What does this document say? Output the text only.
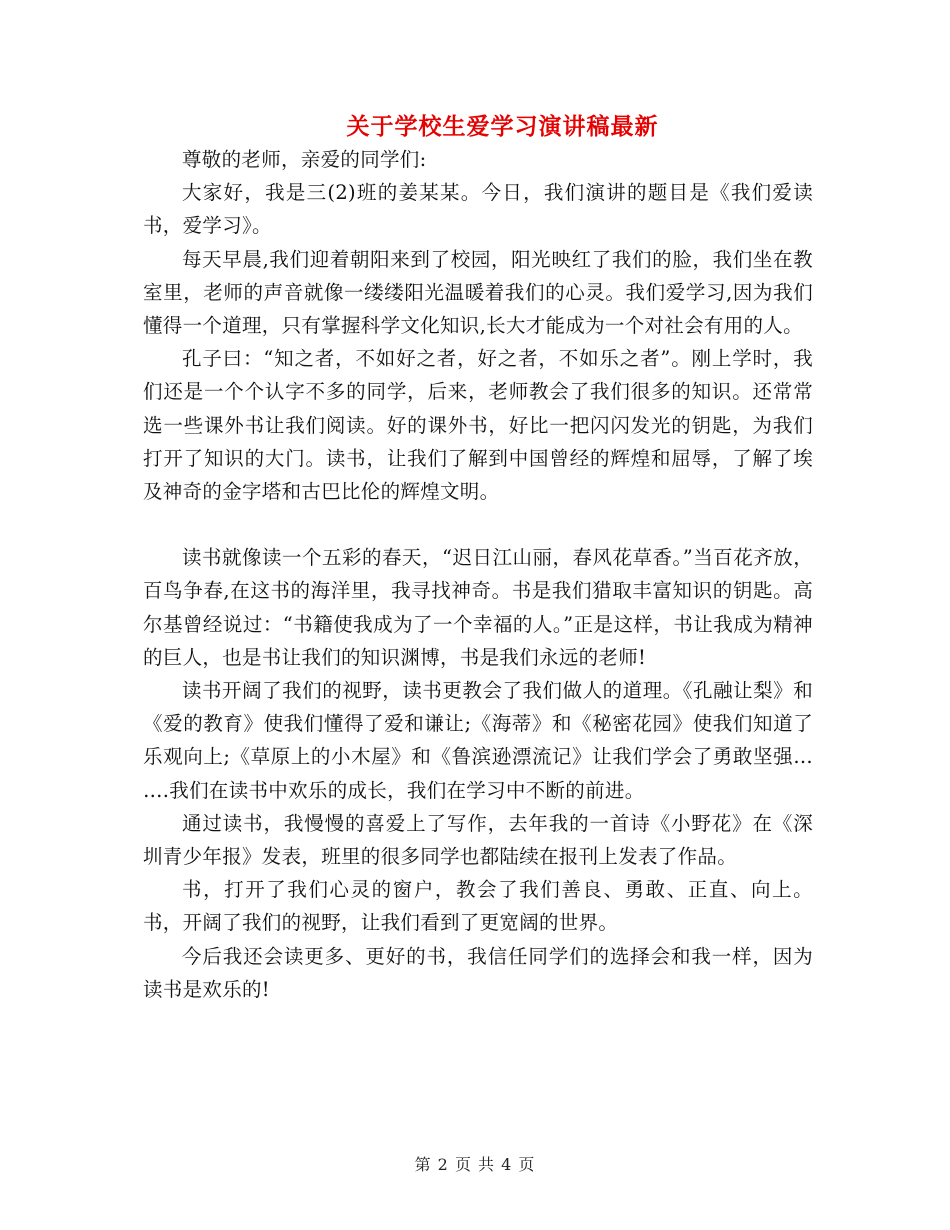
关于学校生爱学习演讲稿最新

尊敬的老师，亲爱的同学们:

大家好，我是三(2)班的姜某某。今日，我们演讲的题目是《我们爱读书，爱学习》。

每天早晨,我们迎着朝阳来到了校园，阳光映红了我们的脸，我们坐在教室里，老师的声音就像一缕缕阳光温暖着我们的心灵。我们爱学习,因为我们懂得一个道理，只有掌握科学文化知识,长大才能成为一个对社会有用的人。

孔子曰：“知之者，不如好之者，好之者，不如乐之者”。刚上学时，我们还是一个个认字不多的同学，后来，老师教会了我们很多的知识。还常常选一些课外书让我们阅读。好的课外书，好比一把闪闪发光的钥匙，为我们打开了知识的大门。读书，让我们了解到中国曾经的辉煌和屈辱，了解了埃及神奇的金字塔和古巴比伦的辉煌文明。

读书就像读一个五彩的春天，“迟日江山丽，春风花草香。”当百花齐放，百鸟争春,在这书的海洋里，我寻找神奇。书是我们猎取丰富知识的钥匙。高尔基曾经说过：“书籍使我成为了一个幸福的人。”正是这样，书让我成为精神的巨人，也是书让我们的知识渊博，书是我们永远的老师!

读书开阔了我们的视野，读书更教会了我们做人的道理。《孔融让梨》和《爱的教育》使我们懂得了爱和谦让;《海蒂》和《秘密花园》使我们知道了乐观向上;《草原上的小木屋》和《鲁滨逊漂流记》让我们学会了勇敢坚强… ….我们在读书中欢乐的成长，我们在学习中不断的前进。

通过读书，我慢慢的喜爱上了写作，去年我的一首诗《小野花》在《深圳青少年报》发表，班里的很多同学也都陆续在报刊上发表了作品。

书，打开了我们心灵的窗户，教会了我们善良、勇敢、正直、向上。书，开阔了我们的视野，让我们看到了更宽阔的世界。

今后我还会读更多、更好的书，我信任同学们的选择会和我一样，因为读书是欢乐的!

第 2 页 共 4 页
